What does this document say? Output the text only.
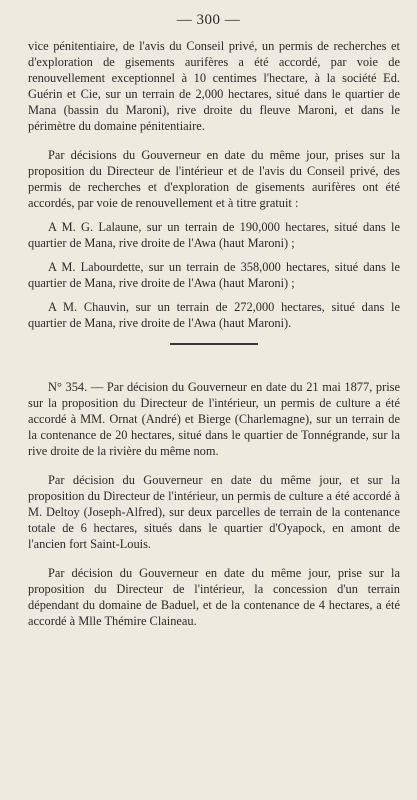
— 300 —

vice pénitentiaire, de l'avis du Conseil privé, un permis de recherches et d'exploration de gisements aurifères a été accordé, par voie de renouvellement exceptionnel à 10 centimes l'hectare, à la société Ed. Guérin et Cie, sur un terrain de 2,000 hectares, situé dans le quartier de Mana (bassin du Maroni), rive droite du fleuve Maroni, et dans le périmètre du domaine pénitentiaire.

Par décisions du Gouverneur en date du même jour, prises sur la proposition du Directeur de l'intérieur et de l'avis du Conseil privé, des permis de recherches et d'exploration de gisements aurifères ont été accordés, par voie de renouvellement et à titre gratuit :

A M. G. Lalaune, sur un terrain de 190,000 hectares, situé dans le quartier de Mana, rive droite de l'Awa (haut Maroni) ;

A M. Labourdette, sur un terrain de 358,000 hectares, situé dans le quartier de Mana, rive droite de l'Awa (haut Maroni) ;

A M. Chauvin, sur un terrain de 272,000 hectares, situé dans le quartier de Mana, rive droite de l'Awa (haut Maroni).

N° 354. — Par décision du Gouverneur en date du 21 mai 1877, prise sur la proposition du Directeur de l'intérieur, un permis de culture a été accordé à MM. Ornat (André) et Bierge (Charlemagne), sur un terrain de la contenance de 20 hectares, situé dans le quartier de Tonnégrande, sur la rive droite de la rivière du même nom.

Par décision du Gouverneur en date du même jour, et sur la proposition du Directeur de l'intérieur, un permis de culture a été accordé à M. Deltoy (Joseph-Alfred), sur deux parcelles de terrain de la contenance totale de 6 hectares, situés dans le quartier d'Oyapock, en amont de l'ancien fort Saint-Louis.

Par décision du Gouverneur en date du même jour, prise sur la proposition du Directeur de l'intérieur, la concession d'un terrain dépendant du domaine de Baduel, et de la contenance de 4 hectares, a été accordé à Mlle Thémire Claineau.
